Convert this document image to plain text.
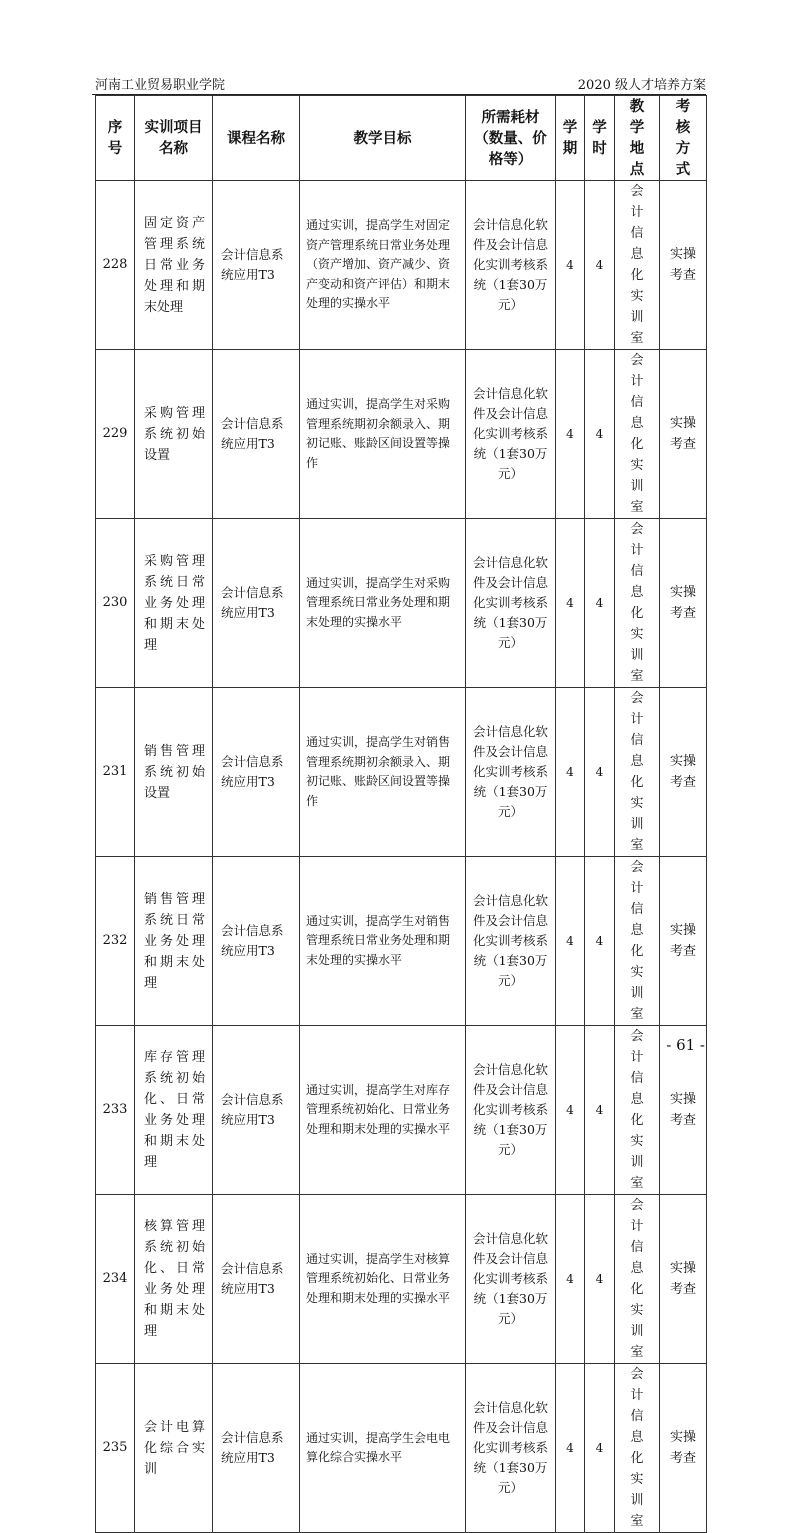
河南工业贸易职业学院	2020 级人才培养方案
序号	实训项目名称	课程名称	教学目标	所需耗材（数量、价格等）	学期	学时	教学地点	考核方式
228	固定资产管理系统日常业务处理和期末处理	会计信息系统应用T3	通过实训，提高学生对固定资产管理系统日常业务处理（资产增加、资产减少、资产变动和资产评估）和期末处理的实操水平	会计信息化软件及会计信息化实训考核系统（1套30万元）	4	4	会计信息化实训室	实操考查
229	采购管理系统初始设置	会计信息系统应用T3	通过实训，提高学生对采购管理系统期初余额录入、期初记账、账龄区间设置等操作	会计信息化软件及会计信息化实训考核系统（1套30万元）	4	4	会计信息化实训室	实操考查
230	采购管理系统日常业务处理和期末处理	会计信息系统应用T3	通过实训，提高学生对采购管理系统日常业务处理和期末处理的实操水平	会计信息化软件及会计信息化实训考核系统（1套30万元）	4	4	会计信息化实训室	实操考查
231	销售管理系统初始设置	会计信息系统应用T3	通过实训，提高学生对销售管理系统期初余额录入、期初记账、账龄区间设置等操作	会计信息化软件及会计信息化实训考核系统（1套30万元）	4	4	会计信息化实训室	实操考查
232	销售管理系统日常业务处理和期末处理	会计信息系统应用T3	通过实训，提高学生对销售管理系统日常业务处理和期末处理的实操水平	会计信息化软件及会计信息化实训考核系统（1套30万元）	4	4	会计信息化实训室	实操考查
233	库存管理系统初始化、日常业务处理和期末处理	会计信息系统应用T3	通过实训，提高学生对库存管理系统初始化、日常业务处理和期末处理的实操水平	会计信息化软件及会计信息化实训考核系统（1套30万元）	4	4	会计信息化实训室	实操考查
234	核算管理系统初始化、日常业务处理和期末处理	会计信息系统应用T3	通过实训，提高学生对核算管理系统初始化、日常业务处理和期末处理的实操水平	会计信息化软件及会计信息化实训考核系统（1套30万元）	4	4	会计信息化实训室	实操考查
235	会计电算化综合实训	会计信息系统应用T3	通过实训，提高学生会电电算化综合实操水平	会计信息化软件及会计信息化实训考核系统（1套30万元）	4	4	会计信息化实训室	实操考查
- 61 -
